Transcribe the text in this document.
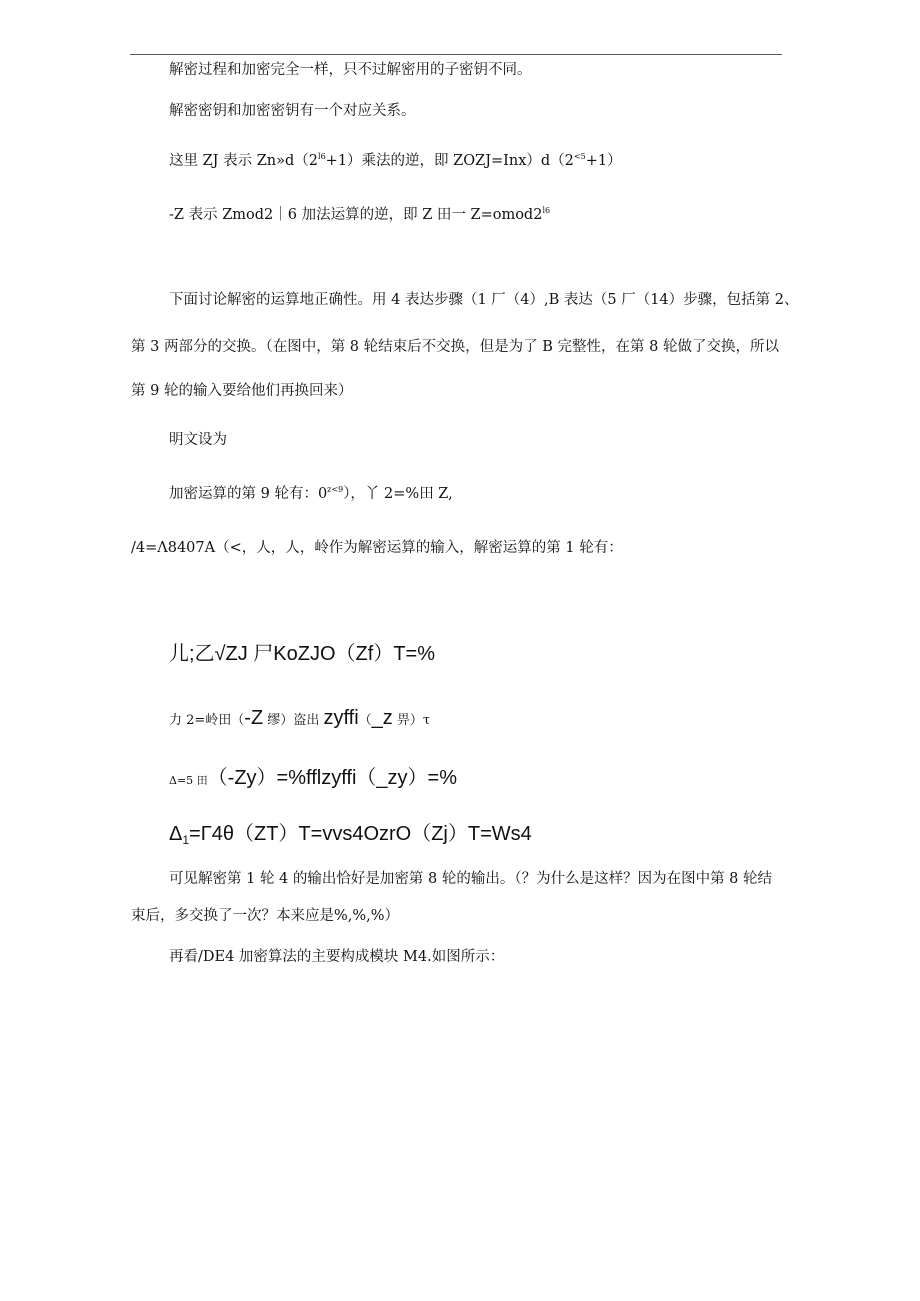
解密过程和加密完全一样，只不过解密用的子密钥不同。
解密密钥和加密密钥有一个对应关系。
这里 ZJ 表示 $Zn»d(2^{l6}+1)$乘法的逆，即 $ZOZJ=Inx)d(2^{<5}+1)$
-Z 表示 Zmod2｜6 加法运算的逆，即 Z 田一 $Z=omod2^{l6}$
下面讨论解密的运算地正确性。用 4 表达步骤（1 厂（4）,B 表达（5 厂（14）步骤，包括第 2、
第 3 两部分的交换。（在图中，第 8 轮结束后不交换，但是为了 B 完整性，在第 8 轮做了交换，所以
第 9 轮的输入要给他们再换回来）
明文设为
加密运算的第 9 轮有：$0^{z<9}$），丫 2=%田 Z,
/4=Λ8407A（<，人，人，岭作为解密运算的输入，解密运算的第 1 轮有：
儿;乙√ZJ 尸KoZJO（Zf）T=%
力 2=岭田（-Z 缪）盗出 zyffi（_z 畀）τ
Δ=5 田（-Zy）=%fflzyffi（_zy）=%
$\Delta_1=\Gamma 4\theta(ZT)T=vvs4OzrO(Zj)T=Ws4$
可见解密第 1 轮 4 的输出恰好是加密第 8 轮的输出。（？为什么是这样？因为在图中第 8 轮结
束后，多交换了一次？本来应是%,%,%）
再看/DE4 加密算法的主要构成模块 M4.如图所示：
